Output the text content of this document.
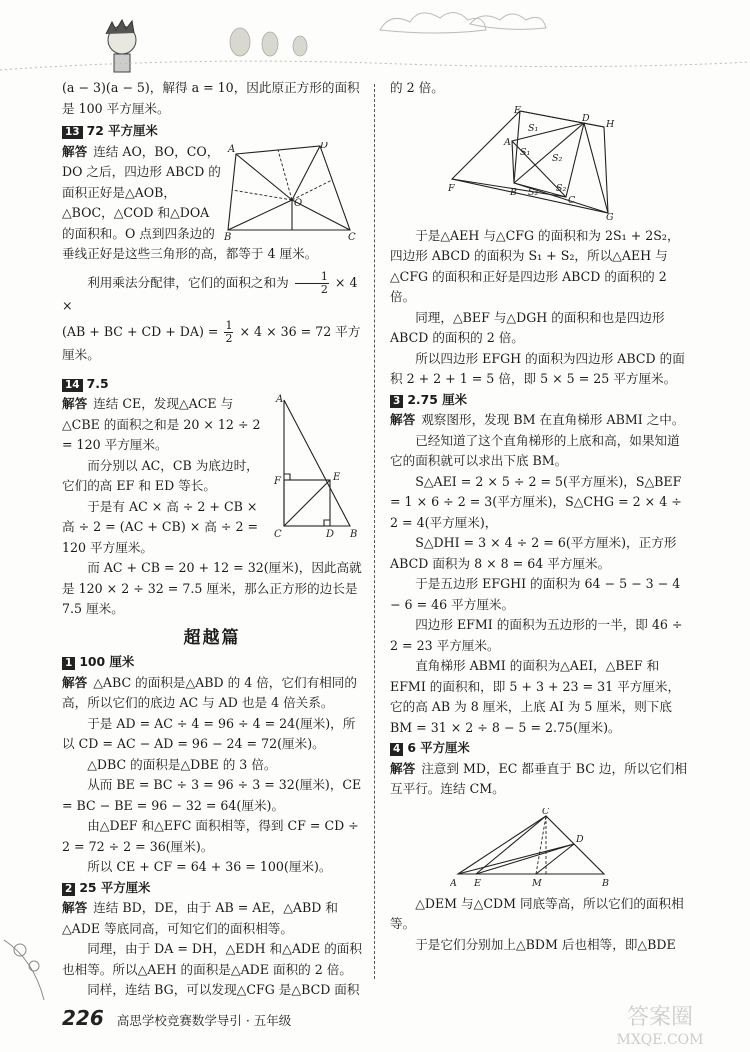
(a − 3)(a − 5)，解得 a = 10，因此原正方形的面积是 100 平方厘米。

13 72 平方厘米

A	D
B	C
O

解答 连结 AO，BO，CO，DO 之后，四边形 ABCD 的面积正好是△AOB，△BOC，△COD 和△DOA 的面积和。O 点到四条边的垂线正好是这些三角形的高，都等于 4 厘米。

利用乘法分配律，它们的面积之和为 $\frac{1}{2} \times 4$ ×

(AB + BC + CD + $DA) = \frac{1}{2} \times 4 \times 36 = 72$ 平方厘米。

14 7.5

A
F	E
C	D B

解答 连结 CE，发现△ACE 与△CBE 的面积之和是 20 × 12 ÷ 2 = 120 平方厘米。

而分别以 AC，CB 为底边时，它们的高 EF 和 ED 等长。

于是有 AC × 高 ÷ 2 + CB × 高 ÷ 2 = (AC + CB) × 高 ÷ 2 = 120 平方厘米。

而 AC + CB = 20 + 12 = 32(厘米)，因此高就是 120 × 2 ÷ 32 = 7.5 厘米，那么正方形的边长是 7.5 厘米。

超越篇

1 100 厘米

解答 △ABC 的面积是△ABD 的 4 倍，它们有相同的高，所以它们的底边 AC 与 AD 也是 4 倍关系。

于是 AD = AC ÷ 4 = 96 ÷ 4 = 24(厘米)，所以 CD = AC − AD = 96 − 24 = 72(厘米)。

△DBC 的面积是△DBE 的 3 倍。

从而 BE = BC ÷ 3 = 96 ÷ 3 = 32(厘米)，CE = BC − BE = 96 − 32 = 64(厘米)。

由△DEF 和△EFC 面积相等，得到 CF = CD ÷ 2 = 72 ÷ 2 = 36(厘米)。

所以 CE + CF = 64 + 36 = 100(厘米)。

2 25 平方厘米

解答 连结 BD，DE，由于 AB = AE，△ABD 和△ADE 等底同高，可知它们的面积相等。

同理，由于 DA = DH，△EDH 和△ADE 的面积也相等。所以△AEH 的面积是△ADE 面积的 2 倍。

同样，连结 BG，可以发现△CFG 是△BCD 面积

的 2 倍。

E
H
F
G
A
D
B
C
S₁
S₁
S₂
S₂ S₂

于是△AEH 与△CFG 的面积和为 2S₁ + 2S₂，四边形 ABCD 的面积为 S₁ + S₂，所以△AEH 与△CFG 的面积和正好是四边形 ABCD 的面积的 2 倍。

同理，△BEF 与△DGH 的面积和也是四边形 ABCD 的面积的 2 倍。

所以四边形 EFGH 的面积为四边形 ABCD 的面积 2 + 2 + 1 = 5 倍，即 5 × 5 = 25 平方厘米。

3 2.75 厘米

解答 观察图形，发现 BM 在直角梯形 ABMI 之中。

已经知道了这个直角梯形的上底和高，如果知道它的面积就可以求出下底 BM。

S△AEI = 2 × 5 ÷ 2 = 5(平方厘米)，S△BEF = 1 × 6 ÷ 2 = 3(平方厘米)，S△CHG = 2 × 4 ÷ 2 = 4(平方厘米)，

S△DHI = 3 × 4 ÷ 2 = 6(平方厘米)，正方形 ABCD 面积为 8 × 8 = 64 平方厘米。

于是五边形 EFGHI 的面积为 64 − 5 − 3 − 4 − 6 = 46 平方厘米。

四边形 EFMI 的面积为五边形的一半，即 46 ÷ 2 = 23 平方厘米。

直角梯形 ABMI 的面积为△AEI，△BEF 和 EFMI 的面积和，即 5 + 3 + 23 = 31 平方厘米，它的高 AB 为 8 厘米，上底 AI 为 5 厘米，则下底 BM = 31 × 2 ÷ 8 − 5 = 2.75(厘米)。

4 6 平方厘米

解答 注意到 MD，EC 都垂直于 BC 边，所以它们相互平行。连结 CM。

A E	M	B
C
D

△DEM 与△CDM 同底等高，所以它们的面积相等。

于是它们分别加上△BDM 后也相等，即△BDE

226 高思学校竞赛数学导引 · 五年级	答案圈
MXQE.COM
